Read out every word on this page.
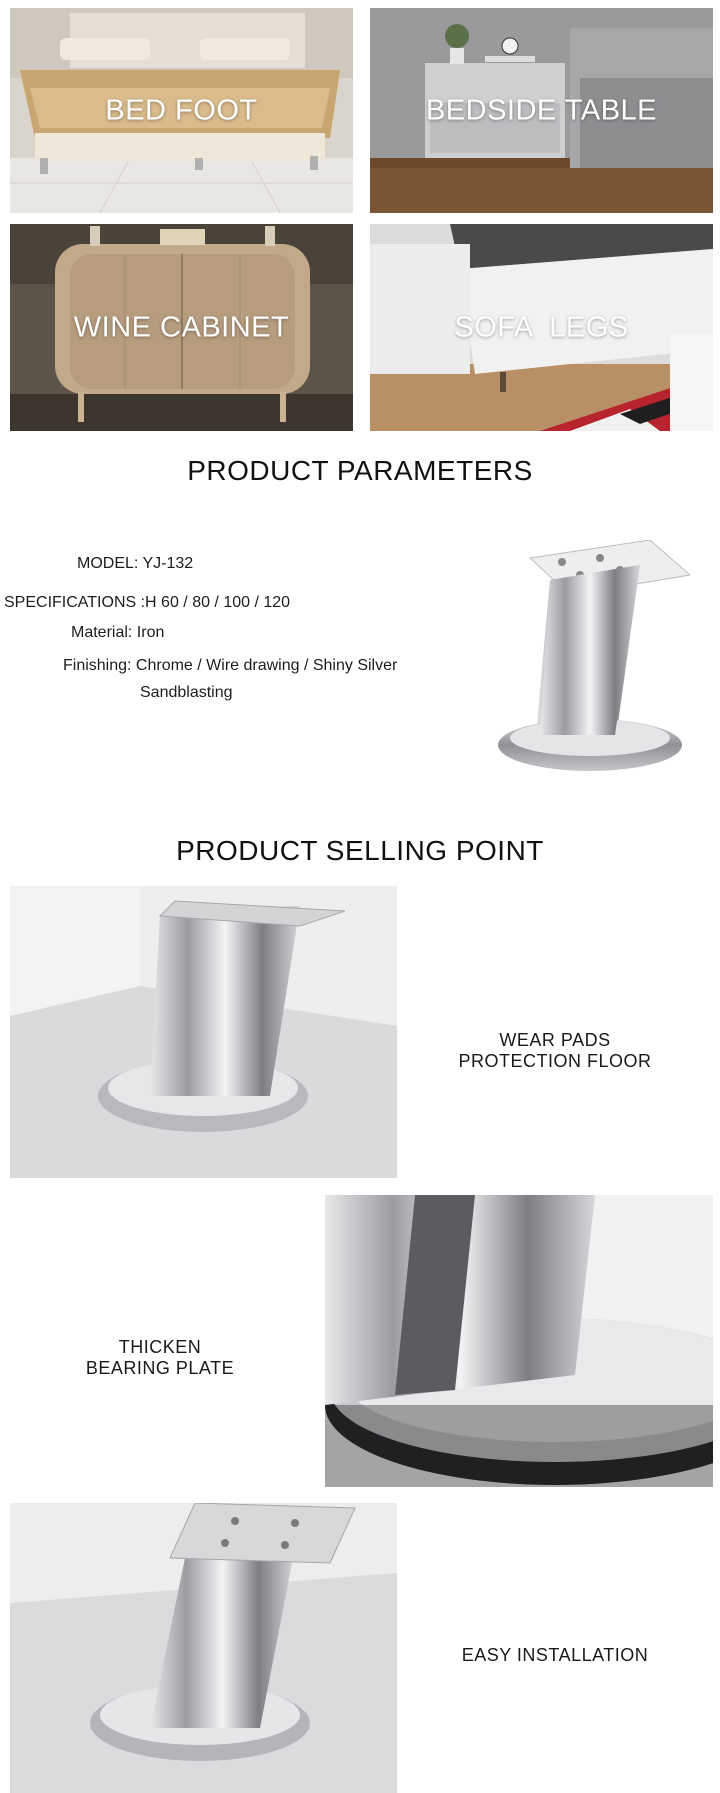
BED FOOT	BEDSIDE TABLE
WINE CABINET	SOFA  LEGS
PRODUCT PARAMETERS
MODEL: YJ-132
SPECIFICATIONS :H 60 / 80 / 100 / 120
Material: Iron
Finishing: Chrome / Wire drawing / Shiny Silver
Sandblasting
PRODUCT SELLING POINT
WEAR PADS
PROTECTION FLOOR
THICKEN
BEARING PLATE
EASY INSTALLATION
